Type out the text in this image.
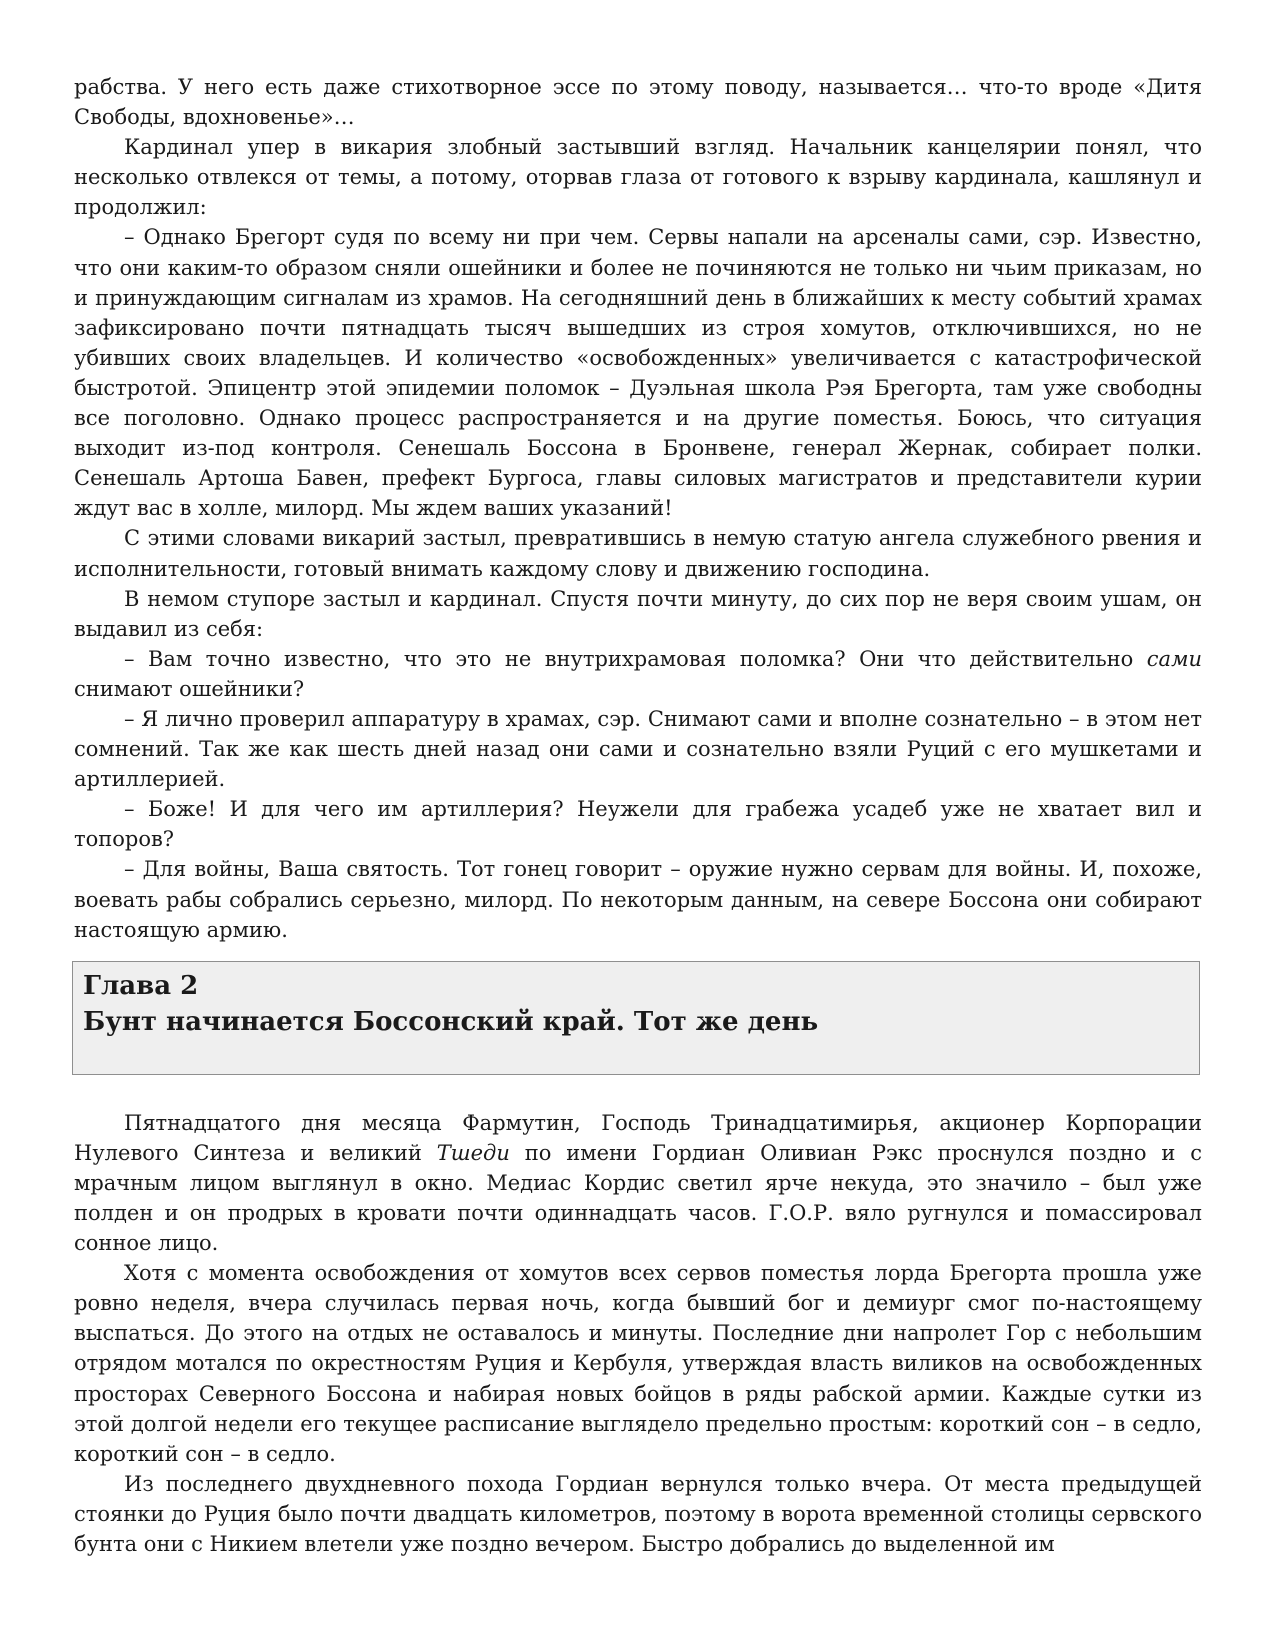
рабства. У него есть даже стихотворное эссе по этому поводу, называется… что-то вроде «Дитя Свободы, вдохновенье»…

Кардинал упер в викария злобный застывший взгляд. Начальник канцелярии понял, что несколько отвлекся от темы, а потому, оторвав глаза от готового к взрыву кардинала, кашлянул и продолжил:

– Однако Брегорт судя по всему ни при чем. Сервы напали на арсеналы сами, сэр. Известно, что они каким-то образом сняли ошейники и более не починяются не только ни чьим приказам, но и принуждающим сигналам из храмов. На сегодняшний день в ближайших к месту событий храмах зафиксировано почти пятнадцать тысяч вышедших из строя хомутов, отключившихся, но не убивших своих владельцев. И количество «освобожденных» увеличивается с катастрофической быстротой. Эпицентр этой эпидемии поломок – Дуэльная школа Рэя Брегорта, там уже свободны все поголовно. Однако процесс распространяется и на другие поместья. Боюсь, что ситуация выходит из-под контроля. Сенешаль Боссона в Бронвене, генерал Жернак, собирает полки. Сенешаль Артоша Бавен, префект Бургоса, главы силовых магистратов и представители курии ждут вас в холле, милорд. Мы ждем ваших указаний!

С этими словами викарий застыл, превратившись в немую статую ангела служебного рвения и исполнительности, готовый внимать каждому слову и движению господина.

В немом ступоре застыл и кардинал. Спустя почти минуту, до сих пор не веря своим ушам, он выдавил из себя:

– Вам точно известно, что это не внутрихрамовая поломка? Они что действительно сами снимают ошейники?

– Я лично проверил аппаратуру в храмах, сэр. Снимают сами и вполне сознательно – в этом нет сомнений. Так же как шесть дней назад они сами и сознательно взяли Руций с его мушкетами и артиллерией.

– Боже! И для чего им артиллерия? Неужели для грабежа усадеб уже не хватает вил и топоров?

– Для войны, Ваша святость. Тот гонец говорит – оружие нужно сервам для войны. И, похоже, воевать рабы собрались серьезно, милорд. По некоторым данным, на севере Боссона они собирают настоящую армию.

Глава 2

Бунт начинается Боссонский край. Тот же день

Пятнадцатого дня месяца Фармутин, Господь Тринадцатимирья, акционер Корпорации Нулевого Синтеза и великий Тшеди по имени Гордиан Оливиан Рэкс проснулся поздно и с мрачным лицом выглянул в окно. Медиас Кордис светил ярче некуда, это значило – был уже полден и он продрых в кровати почти одиннадцать часов. Г.О.Р. вяло ругнулся и помассировал сонное лицо.

Хотя с момента освобождения от хомутов всех сервов поместья лорда Брегорта прошла уже ровно неделя, вчера случилась первая ночь, когда бывший бог и демиург смог по-настоящему выспаться. До этого на отдых не оставалось и минуты. Последние дни напролет Гор с небольшим отрядом мотался по окрестностям Руция и Кербуля, утверждая власть виликов на освобожденных просторах Северного Боссона и набирая новых бойцов в ряды рабской армии. Каждые сутки из этой долгой недели его текущее расписание выглядело предельно простым: короткий сон – в седло, короткий сон – в седло.

Из последнего двухдневного похода Гордиан вернулся только вчера. От места предыдущей стоянки до Руция было почти двадцать километров, поэтому в ворота временной столицы сервского бунта они с Никием влетели уже поздно вечером. Быстро добрались до выделенной им
